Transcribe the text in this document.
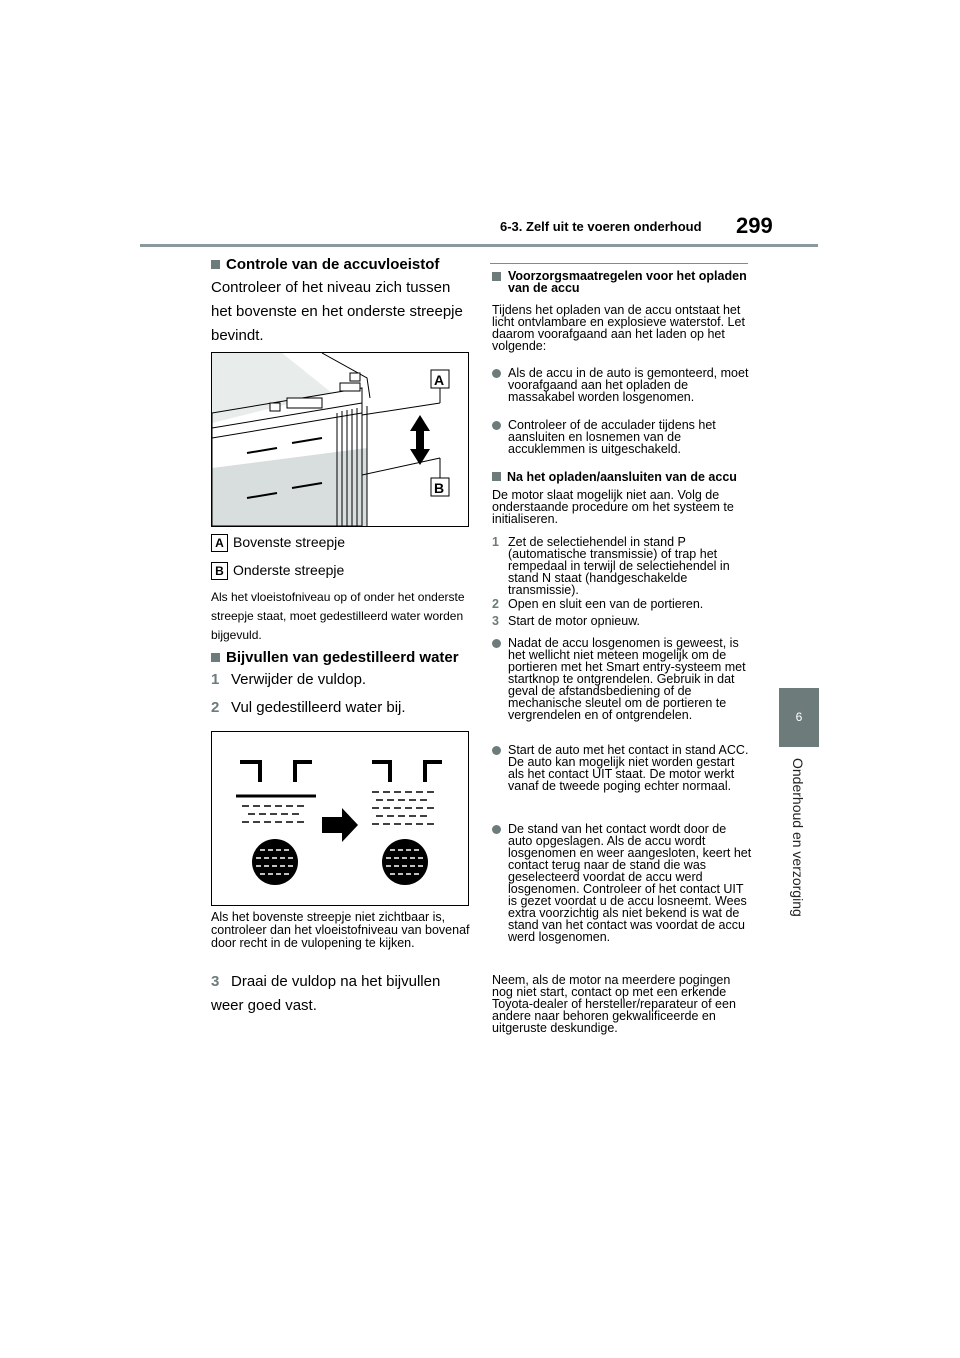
6-3. Zelf uit te voeren onderhoud 299
6
Onderhoud en verzorging
Controle van de accuvloeistof
Controleer of het niveau zich tussen het bovenste en het onderste streepje bevindt.
A
B
A Bovenste streepje
B Onderste streepje
Als het vloeistofniveau op of onder het onderste streepje staat, moet gedestilleerd water worden bijgevuld.
Bijvullen van gedestilleerd water
1 Verwijder de vuldop.
2 Vul gedestilleerd water bij.
Als het bovenste streepje niet zichtbaar is, controleer dan het vloeistofniveau van bovenaf door recht in de vulopening te kijken.
3 Draai de vuldop na het bijvullen weer goed vast.
Voorzorgsmaatregelen voor het opladen van de accu
Tijdens het opladen van de accu ontstaat het licht ontvlambare en explosieve waterstof. Let daarom voorafgaand aan het laden op het volgende:
Als de accu in de auto is gemonteerd, moet voorafgaand aan het opladen de massakabel worden losgenomen.
Controleer of de acculader tijdens het aansluiten en losnemen van de accuklemmen is uitgeschakeld.
Na het opladen/aansluiten van de accu
De motor slaat mogelijk niet aan. Volg de onderstaande procedure om het systeem te initialiseren.
1 Zet de selectiehendel in stand P (automatische transmissie) of trap het rempedaal in terwijl de selectiehendel in stand N staat (handgeschakelde transmissie).
2 Open en sluit een van de portieren.
3 Start de motor opnieuw.
Nadat de accu losgenomen is geweest, is het wellicht niet meteen mogelijk om de portieren met het Smart entry-systeem met startknop te ontgrendelen. Gebruik in dat geval de afstandsbediening of de mechanische sleutel om de portieren te vergrendelen en of ontgrendelen.
Start de auto met het contact in stand ACC. De auto kan mogelijk niet worden gestart als het contact UIT staat. De motor werkt vanaf de tweede poging echter normaal.
De stand van het contact wordt door de auto opgeslagen. Als de accu wordt losgenomen en weer aangesloten, keert het contact terug naar de stand die was geselecteerd voordat de accu werd losgenomen. Controleer of het contact UIT is gezet voordat u de accu losneemt. Wees extra voorzichtig als niet bekend is wat de stand van het contact was voordat de accu werd losgenomen.
Neem, als de motor na meerdere pogingen nog niet start, contact op met een erkende Toyota-dealer of hersteller/reparateur of een andere naar behoren gekwalificeerde en uitgeruste deskundige.
